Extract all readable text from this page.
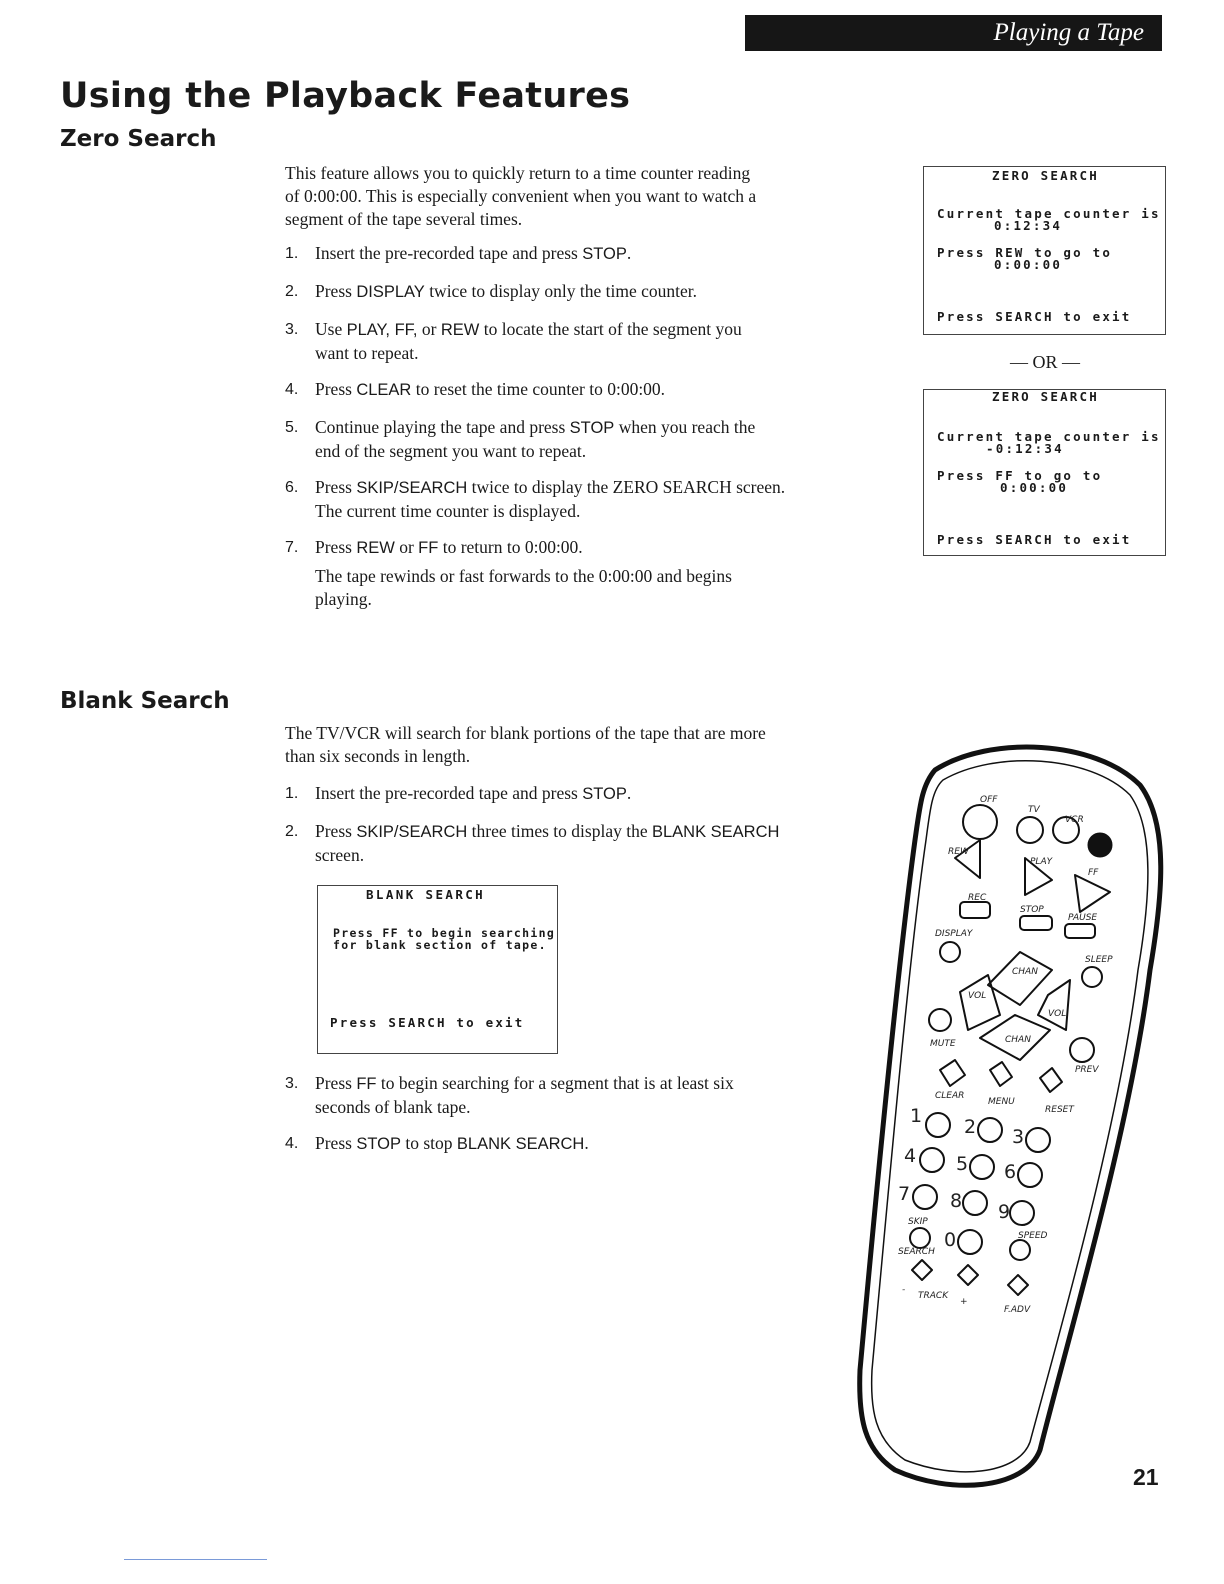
Playing a Tape
Using the Playback Features
Zero Search

This feature allows you to quickly return to a time counter reading
of 0:00:00. This is especially convenient when you want to watch a
segment of the tape several times.

1. Insert the pre-recorded tape and press STOP.
2. Press DISPLAY twice to display only the time counter.
3. Use PLAY, FF, or REW to locate the start of the segment you
want to repeat.
4. Press CLEAR to reset the time counter to 0:00:00.
5. Continue playing the tape and press STOP when you reach the
end of the segment you want to repeat.
6. Press SKIP/SEARCH twice to display the ZERO SEARCH screen.
The current time counter is displayed.
7. Press REW or FF to return to 0:00:00.

The tape rewinds or fast forwards to the 0:00:00 and begins
playing.

ZERO SEARCH
Current tape counter is
0:12:34
Press REW to go to
0:00:00
Press SEARCH to exit
— OR —
ZERO SEARCH
Current tape counter is
-0:12:34
Press FF to go to
0:00:00
Press SEARCH to exit
Blank Search

The TV/VCR will search for blank portions of the tape that are more
than six seconds in length.

1. Insert the pre-recorded tape and press STOP.
2. Press SKIP/SEARCH three times to display the BLANK SEARCH
screen.
3. Press FF to begin searching for a segment that is at least six
seconds of blank tape.
4. Press STOP to stop BLANK SEARCH.
BLANK SEARCH
Press FF to begin searching
for blank section of tape.
Press SEARCH to exit
OFF
TV
VCR
REW
PLAY
FF
REC
STOP
PAUSE
DISPLAY
SLEEP
CHAN
VOL
VOL
CHAN
MUTE
PREV
CLEAR
MENU
RESET
1 2 3
4 5 6
7 8 9
SKIP
0
SEARCH
SPEED
-
TRACK
+
F.ADV
21
